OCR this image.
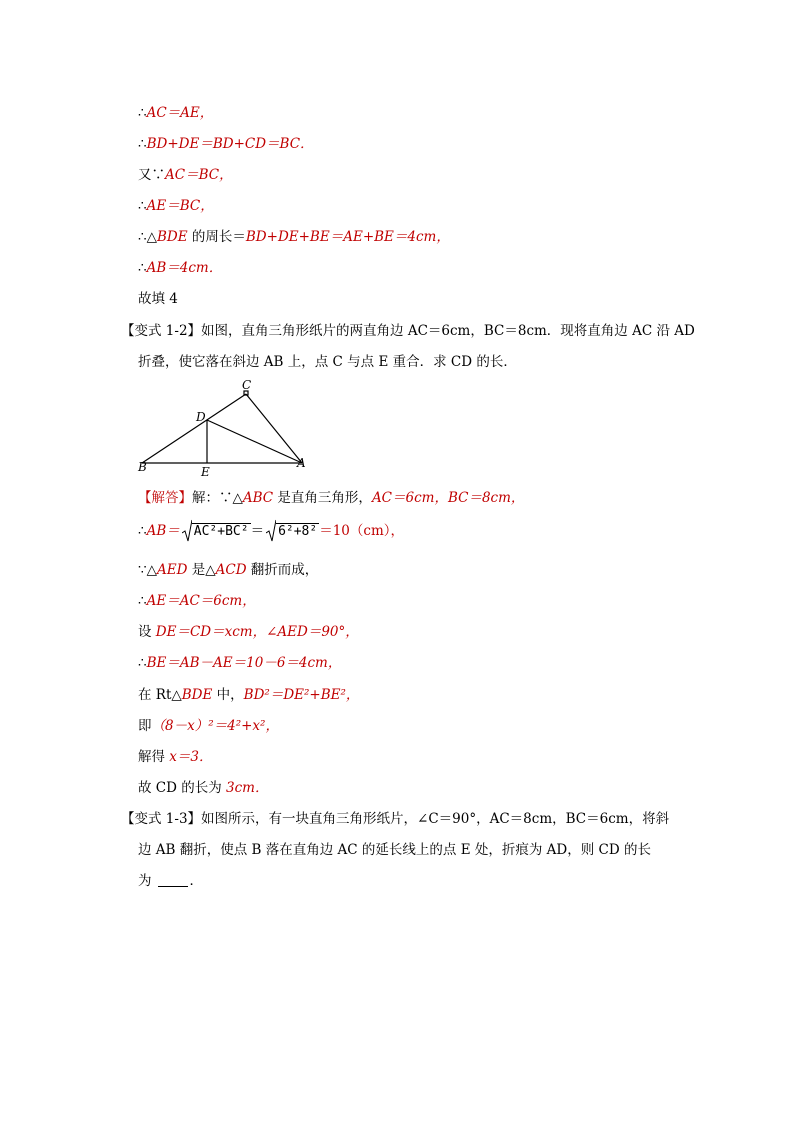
∴AC＝AE，
∴BD+DE＝BD+CD＝BC．
又∵AC＝BC，
∴AE＝BC，
∴△BDE 的周长＝BD+DE+BE＝AE+BE＝4cm，
∴AB＝4cm．
故填 4
【变式 1-2】如图，直角三角形纸片的两直角边 AC＝6cm，BC＝8cm．现将直角边 AC 沿 AD
折叠，使它落在斜边 AB 上，点 C 与点 E 重合．求 CD 的长．
C
D
B	E
A
【解答】解：∵△ABC 是直角三角形，AC＝6cm，BC＝8cm，
∴AB＝ AC²+BC² ＝ 6²+8² ＝10（cm），
∵△AED 是△ACD 翻折而成，
∴AE＝AC＝6cm，
设 DE＝CD＝xcm，∠AED＝90°，
∴BE＝AB－AE＝10－6＝4cm，
在 Rt△BDE 中，BD²＝DE²+BE²，
即（8－x）²＝4²+x²，
解得 x＝3．
故 CD 的长为 3cm．
【变式 1-3】如图所示，有一块直角三角形纸片，∠C＝90°，AC＝8cm，BC＝6cm，将斜
边 AB 翻折，使点 B 落在直角边 AC 的延长线上的点 E 处，折痕为 AD，则 CD 的长
为	．
